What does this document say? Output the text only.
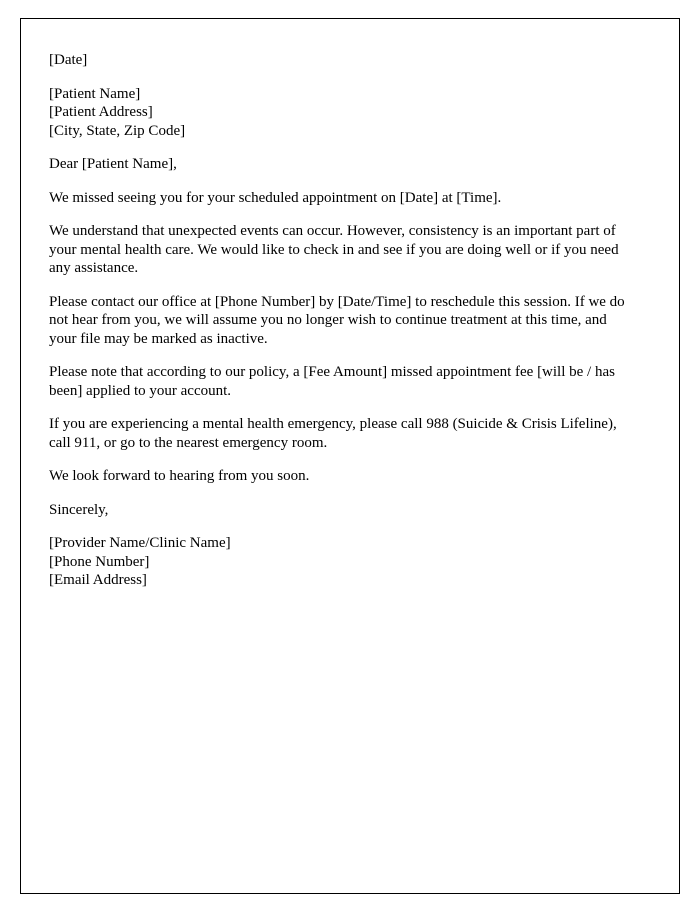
[Date]
[Patient Name]
[Patient Address]
[City, State, Zip Code]
Dear [Patient Name],

We missed seeing you for your scheduled appointment on [Date] at [Time].

We understand that unexpected events can occur. However, consistency is an important part of your mental health care. We would like to check in and see if you are doing well or if you need any assistance.

Please contact our office at [Phone Number] by [Date/Time] to reschedule this session. If we do not hear from you, we will assume you no longer wish to continue treatment at this time, and your file may be marked as inactive.

Please note that according to our policy, a [Fee Amount] missed appointment fee [will be / has been] applied to your account.

If you are experiencing a mental health emergency, please call 988 (Suicide & Crisis Lifeline), call 911, or go to the nearest emergency room.

We look forward to hearing from you soon.

Sincerely,
[Provider Name/Clinic Name]
[Phone Number]
[Email Address]
